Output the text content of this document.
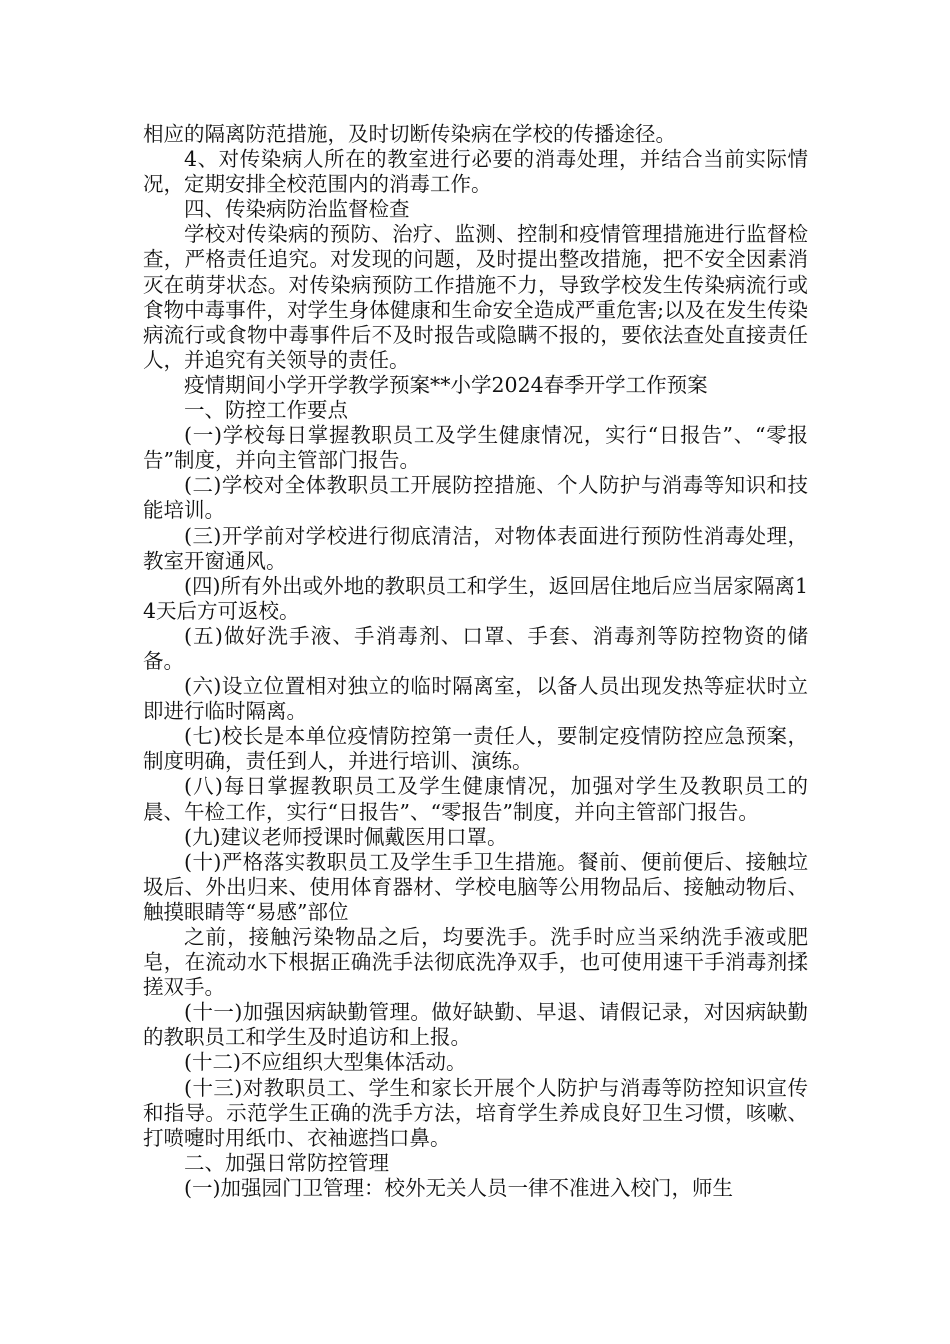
相应的隔离防范措施，及时切断传染病在学校的传播途径。

4、对传染病人所在的教室进行必要的消毒处理，并结合当前实际情况，定期安排全校范围内的消毒工作。

四、传染病防治监督检查

学校对传染病的预防、治疗、监测、控制和疫情管理措施进行监督检查，严格责任追究。对发现的问题，及时提出整改措施，把不安全因素消灭在萌芽状态。对传染病预防工作措施不力，导致学校发生传染病流行或食物中毒事件，对学生身体健康和生命安全造成严重危害;以及在发生传染病流行或食物中毒事件后不及时报告或隐瞒不报的，要依法查处直接责任人，并追究有关领导的责任。

疫情期间小学开学教学预案**小学2024春季开学工作预案

一、防控工作要点

(一)学校每日掌握教职员工及学生健康情况，实行“日报告”、“零报告”制度，并向主管部门报告。

(二)学校对全体教职员工开展防控措施、个人防护与消毒等知识和技能培训。

(三)开学前对学校进行彻底清洁，对物体表面进行预防性消毒处理，教室开窗通风。

(四)所有外出或外地的教职员工和学生，返回居住地后应当居家隔离14天后方可返校。

(五)做好洗手液、手消毒剂、口罩、手套、消毒剂等防控物资的储备。

(六)设立位置相对独立的临时隔离室，以备人员出现发热等症状时立即进行临时隔离。

(七)校长是本单位疫情防控第一责任人，要制定疫情防控应急预案，制度明确，责任到人，并进行培训、演练。

(八)每日掌握教职员工及学生健康情况，加强对学生及教职员工的晨、午检工作，实行“日报告”、“零报告”制度，并向主管部门报告。

(九)建议老师授课时佩戴医用口罩。

(十)严格落实教职员工及学生手卫生措施。餐前、便前便后、接触垃圾后、外出归来、使用体育器材、学校电脑等公用物品后、接触动物后、触摸眼睛等“易感”部位

之前，接触污染物品之后，均要洗手。洗手时应当采纳洗手液或肥皂，在流动水下根据正确洗手法彻底洗净双手，也可使用速干手消毒剂揉搓双手。

(十一)加强因病缺勤管理。做好缺勤、早退、请假记录，对因病缺勤的教职员工和学生及时追访和上报。

(十二)不应组织大型集体活动。

(十三)对教职员工、学生和家长开展个人防护与消毒等防控知识宣传和指导。示范学生正确的洗手方法，培育学生养成良好卫生习惯，咳嗽、打喷嚏时用纸巾、衣袖遮挡口鼻。

二、加强日常防控管理

(一)加强园门卫管理：校外无关人员一律不准进入校门，师生
